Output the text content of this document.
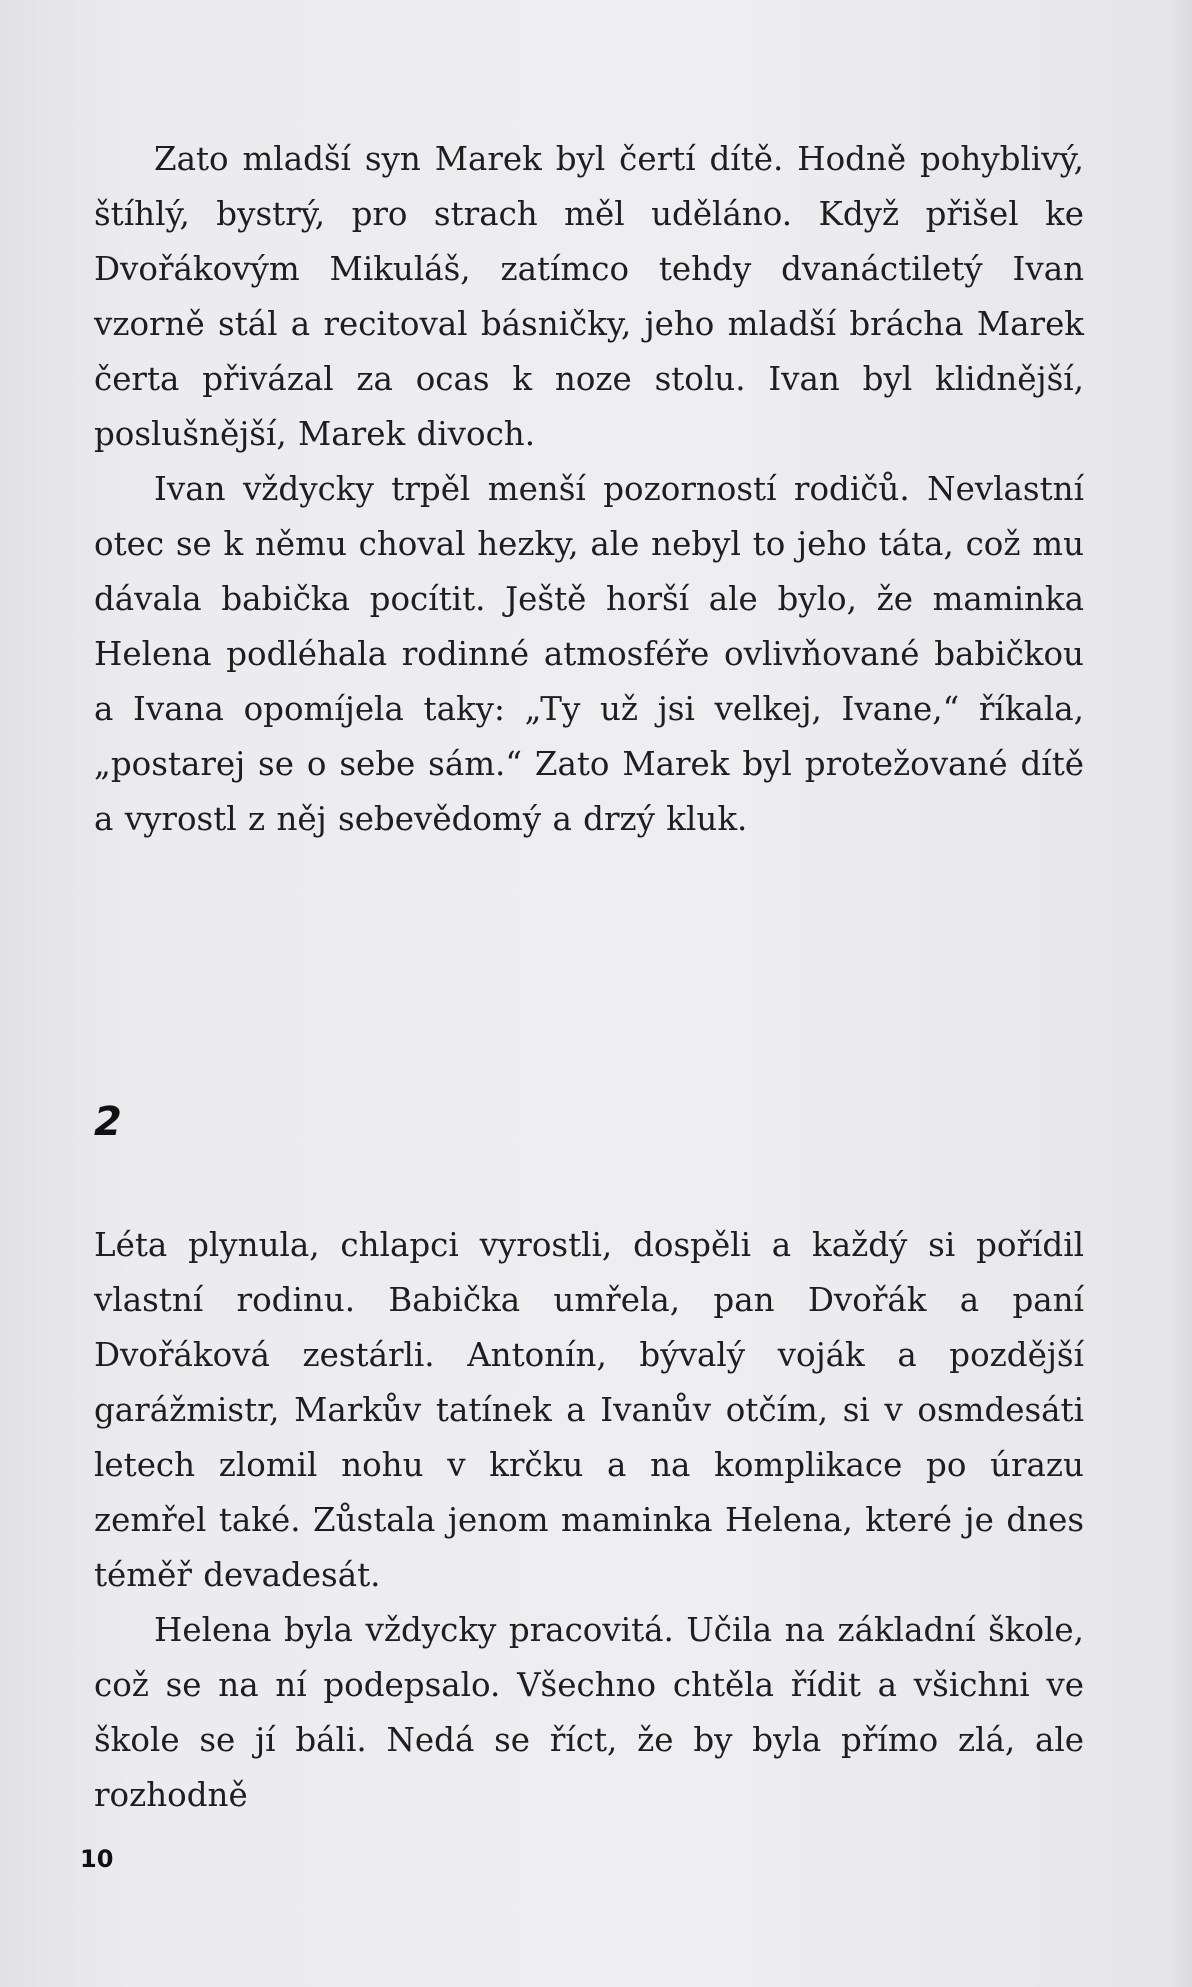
Zato mladší syn Marek byl čertí dítě. Hodně pohyblivý, štíhlý, bystrý, pro strach měl uděláno. Když přišel ke Dvořákovým Mikuláš, zatímco tehdy dvanáctiletý Ivan vzorně stál a recitoval básničky, jeho mladší brácha Marek čerta přivázal za ocas k noze stolu. Ivan byl klidnější, poslušnější, Marek divoch.

Ivan vždycky trpěl menší pozorností rodičů. Nevlastní otec se k němu choval hezky, ale nebyl to jeho táta, což mu dávala babička pocítit. Ještě horší ale bylo, že maminka Helena podléhala rodinné atmosféře ovlivňované babičkou a Ivana opomíjela taky: „Ty už jsi velkej, Ivane,“ říkala, „postarej se o sebe sám.“ Zato Marek byl protežované dítě a vyrostl z něj sebevědomý a drzý kluk.

2

Léta plynula, chlapci vyrostli, dospěli a každý si pořídil vlastní rodinu. Babička umřela, pan Dvořák a paní Dvořáková zestárli. Antonín, bývalý voják a pozdější garážmistr, Markův tatínek a Ivanův otčím, si v osmdesáti letech zlomil nohu v krčku a na komplikace po úrazu zemřel také. Zůstala jenom maminka Helena, které je dnes téměř devadesát.

Helena byla vždycky pracovitá. Učila na základní škole, což se na ní podepsalo. Všechno chtěla řídit a všichni ve škole se jí báli. Nedá se říct, že by byla přímo zlá, ale rozhodně

10
